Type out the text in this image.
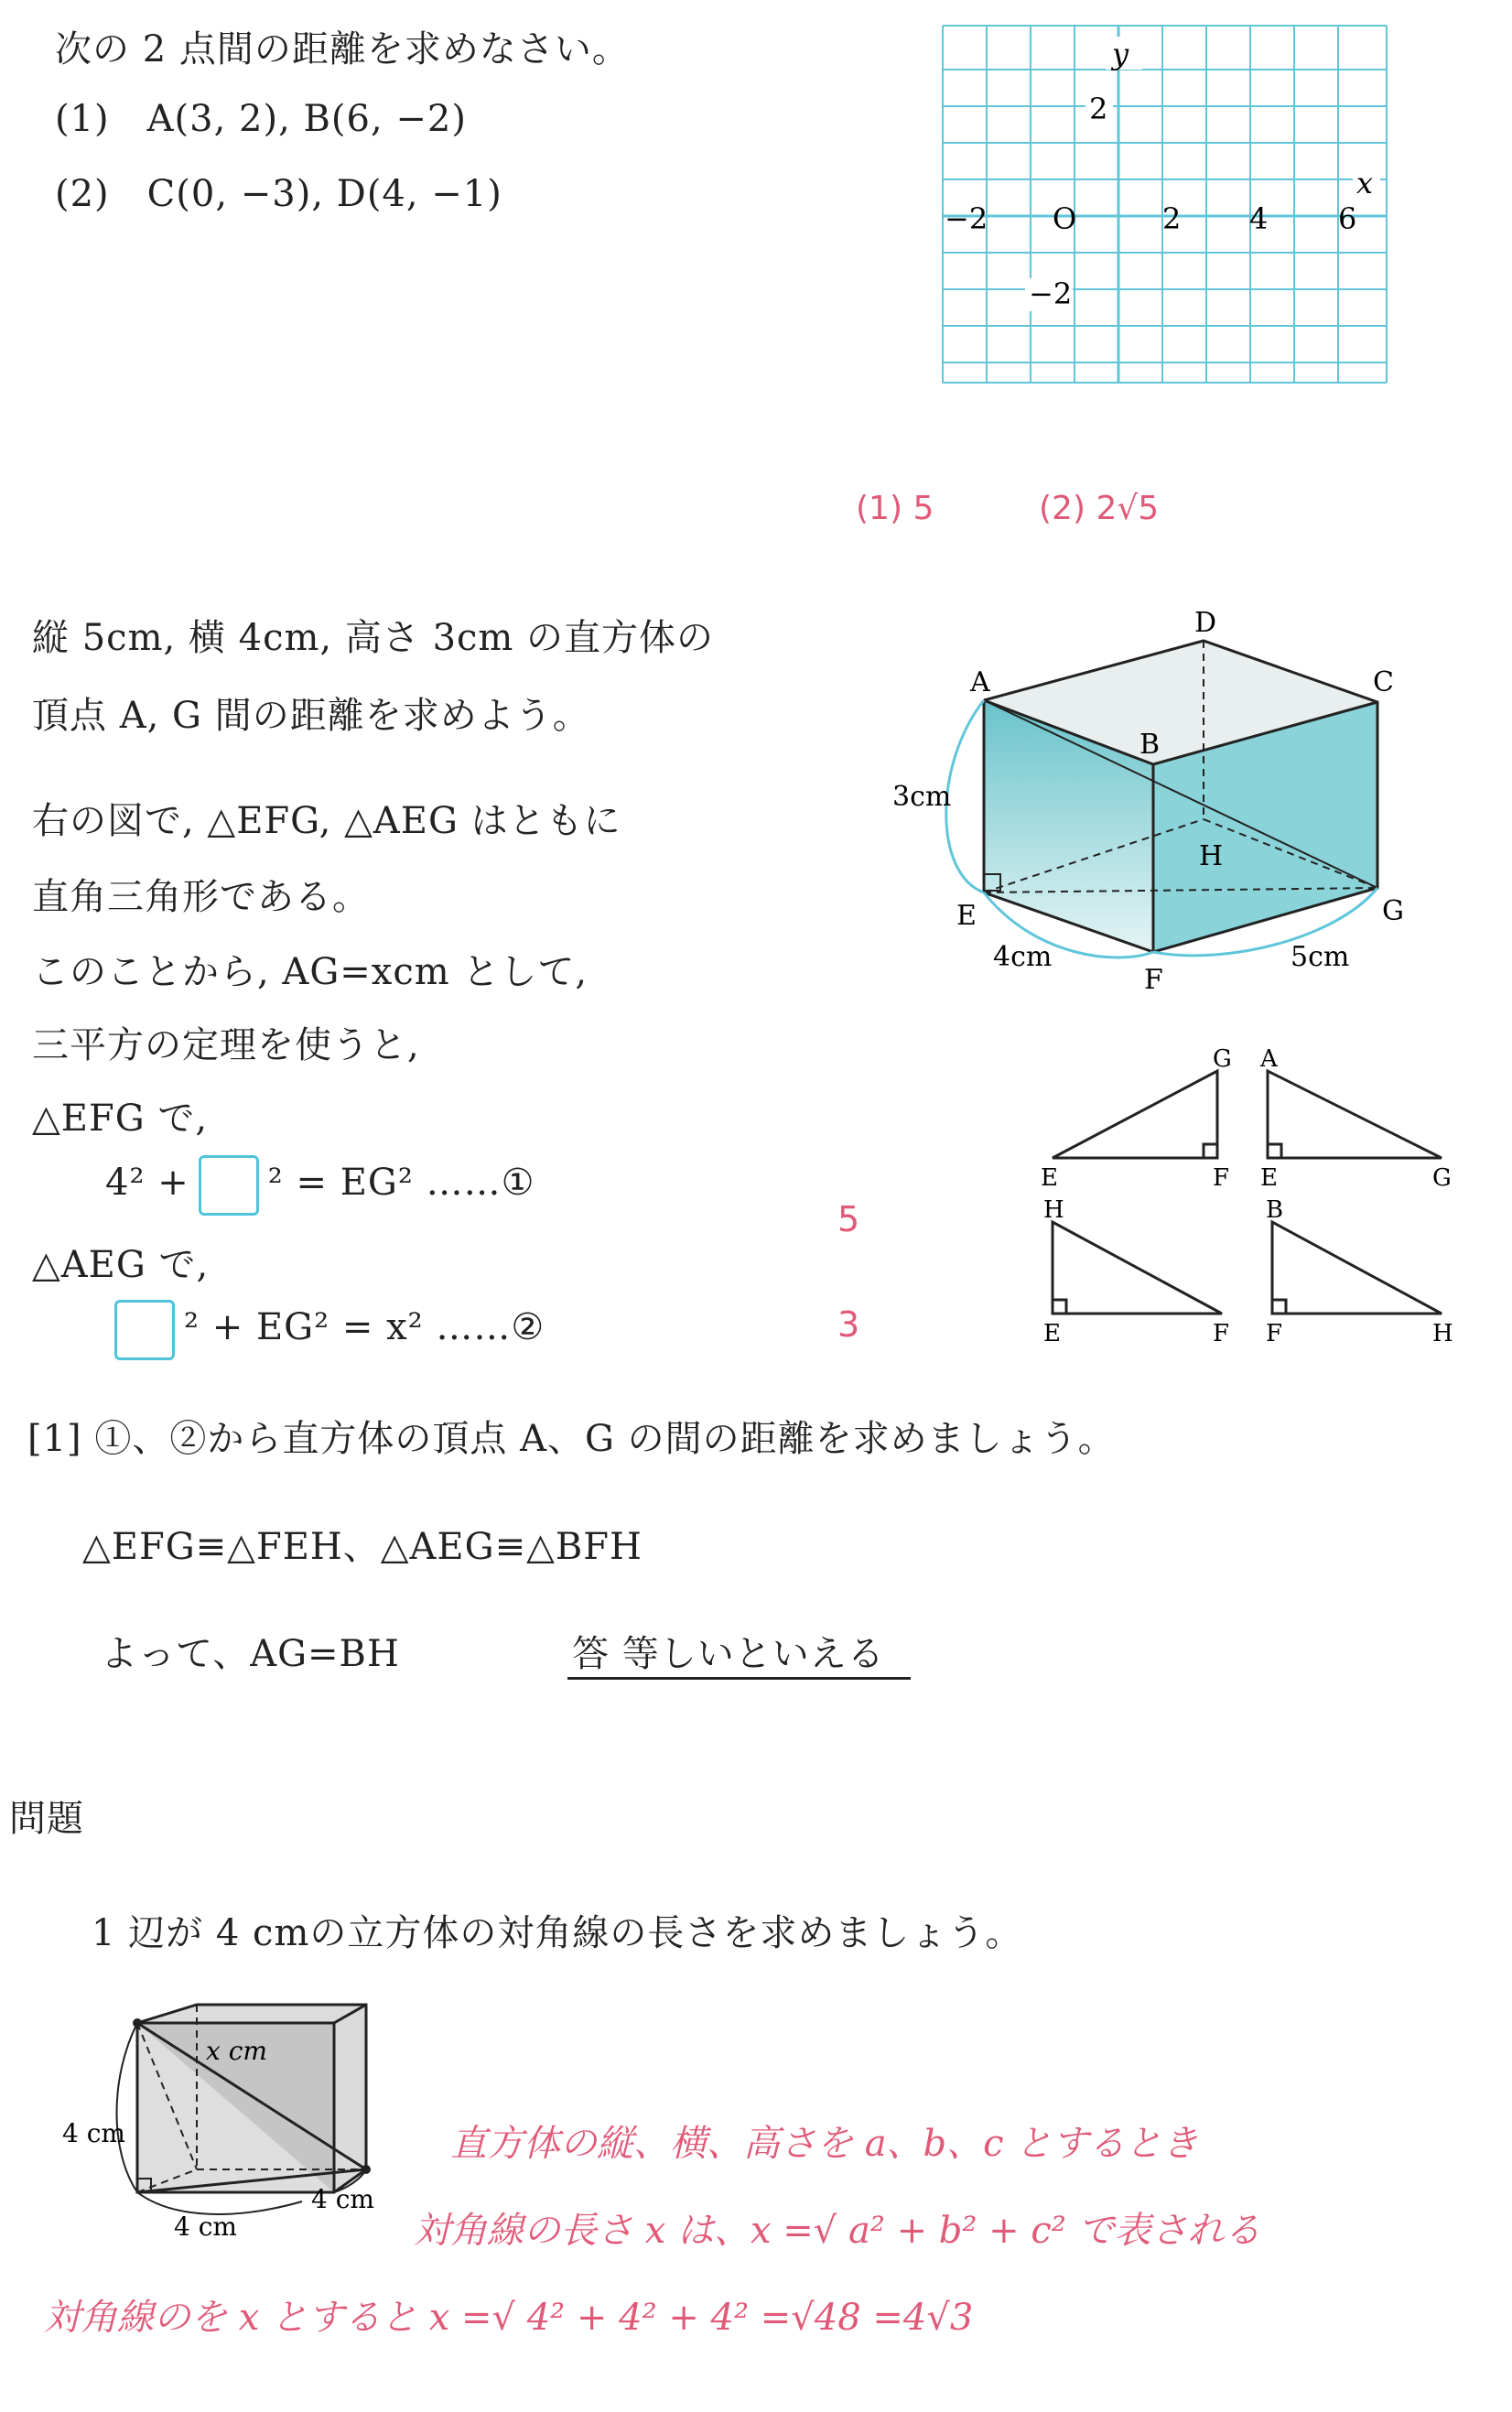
次の 2 点間の距離を求めなさい。
(1)　A(3, 2), B(6, −2)
(2)　C(0, −3), D(4, −1)
y
x
2
−2 O	2 4 6
−2
(1) 5	(2) 2√5
縦 5cm, 横 4cm, 高さ 3cm の直方体の
頂点 A, G 間の距離を求めよう。
右の図で, △EFG, △AEG はともに
直角三角形である。
このことから, AG=xcm として,
三平方の定理を使うと,
△EFG で,
4² + ² = EG² ……①
△AEG で,
² + EG² = x² ……②
5
3
A
B
C
D
E
F
G
H
3cm
4cm	5cm
G
E	F
A
E	G
H
E	F
B
F	H
[1] ①、②から直方体の頂点 A、G の間の距離を求めましょう。
△EFG≡△FEH、△AEG≡△BFH
よって、AG=BH	答 等しいといえる
問題
1 辺が 4 cmの立方体の対角線の長さを求めましょう。
x cm
4 cm
4 cm
4 cm
直方体の縦、横、高さを a、b、c とするとき
対角線の長さ x は、x =√ a² + b² + c² で表される
対角線のを x とすると x =√ 4² + 4² + 4² =√48 =4√3
